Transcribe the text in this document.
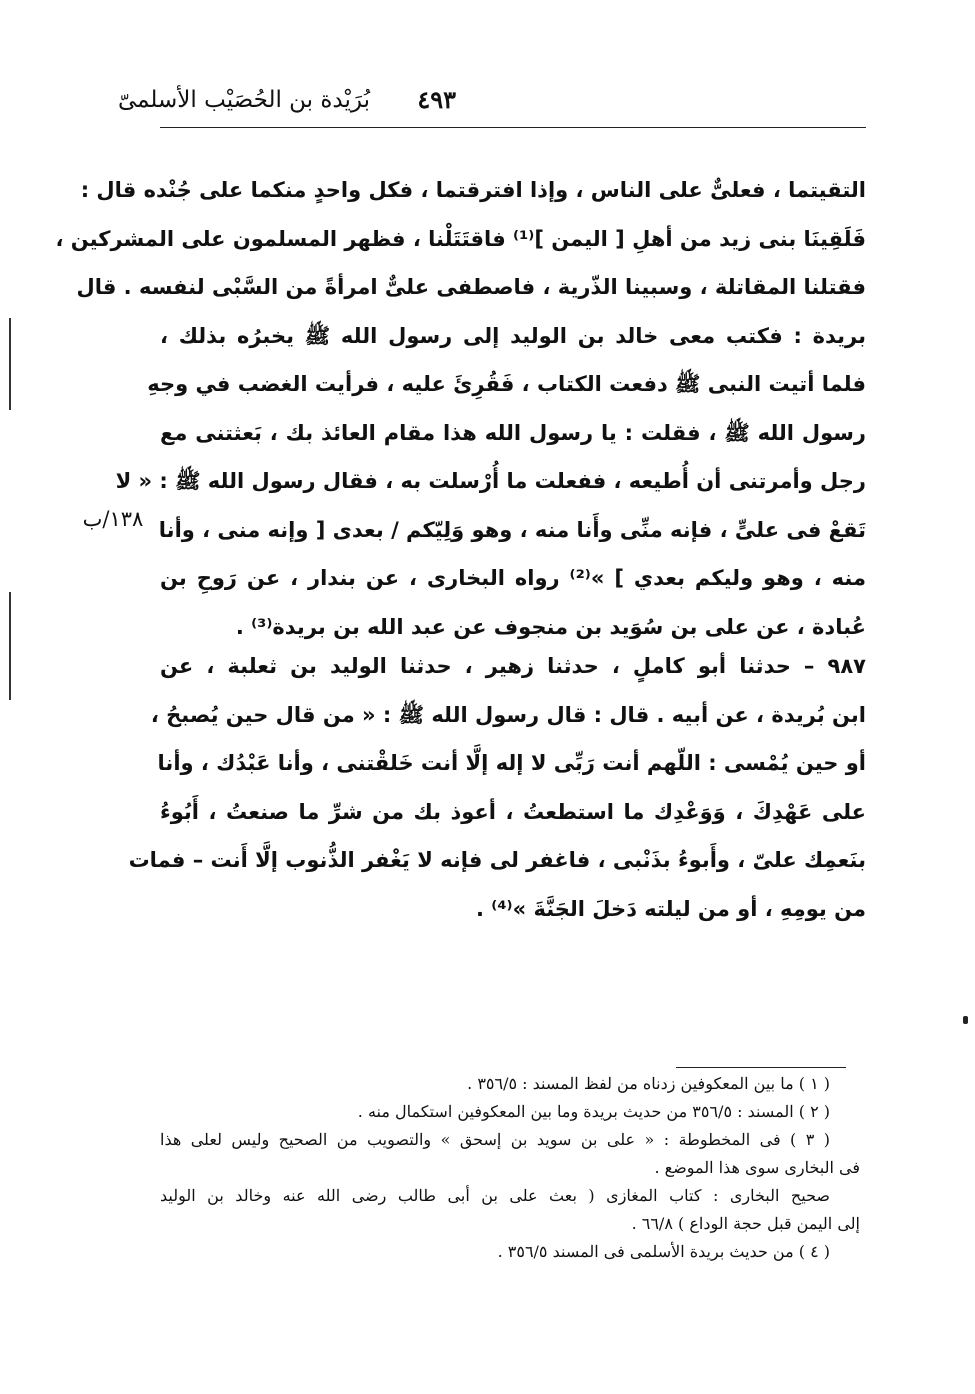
٤٩٣
بُرَيْدة بن الحُصَيْب الأسلمىّ
١٣٨/ب
التقيتما ، فعلىٌّ على الناس ، وإذا افترقتما ، فكل واحدٍ منكما على جُنْده قال :
فَلَقِينَا بنى زيد من أهلِ [ اليمن ]⁽¹⁾ فاقتَتَلْنا ، فظهر المسلمون على المشركين ،
فقتلنا المقاتلة ، وسبينا الذّرية ، فاصطفى علىٌّ امرأةً من السَّبْى لنفسه . قال
بريدة : فكتب معى خالد بن الوليد إلى رسول الله ﷺ يخبرُه بذلك ،
فلما أتيت النبى ﷺ دفعت الكتاب ، فَقُرِئَ عليه ، فرأيت الغضب في وجهِ
رسول الله ﷺ ، فقلت : يا رسول الله هذا مقام العائذ بك ، بَعثتنى مع
رجل وأمرتنى أن أُطيعه ، ففعلت ما أُرْسلت به ، فقال رسول الله ﷺ : « لا
تَقعْ فى علىٍّ ، فإنه منِّى وأَنا منه ، وهو وَلِيّكم / بعدى [ وإنه منى ، وأنا
منه ، وهو وليكم بعدي ] »⁽²⁾ رواه البخارى ، عن بندار ، عن رَوحِ بن
عُبادة ، عن على بن سُوَيد بن منجوف عن عبد الله بن بريدة⁽³⁾ .
٩٨٧ – حدثنا أبو كاملٍ ، حدثنا زهير ، حدثنا الوليد بن ثعلبة ، عن
ابن بُريدة ، عن أبيه . قال : قال رسول الله ﷺ : « من قال حين يُصبحُ ،
أو حين يُمْسى : اللّهم أنت رَبِّى لا إله إلَّا أنت خَلقْتنى ، وأنا عَبْدُك ، وأنا
على عَهْدِكَ ، وَوَعْدِك ما استطعتُ ، أعوذ بك من شرِّ ما صنعتُ ، أَبُوءُ
بنَعمِك علىّ ، وأَبوءُ بذَنْبى ، فاغفر لى فإنه لا يَغْفر الذُّنوب إلَّا أَنت – فمات
من يومِهِ ، أو من ليلته دَخلَ الجَنَّةَ »⁽⁴⁾ .
( ١ ) ما بين المعكوفين زدناه من لفظ المسند : ٣٥٦/٥ .
( ٢ ) المسند : ٣٥٦/٥ من حديث بريدة وما بين المعكوفين استكمال منه .
( ٣ ) فى المخطوطة : « على بن سويد بن إسحق » والتصويب من الصحيح وليس لعلى هذا
فى البخارى سوى هذا الموضع .
صحيح البخارى : كتاب المغازى ( بعث على بن أبى طالب رضى الله عنه وخالد بن الوليد
إلى اليمن قبل حجة الوداع ) ٦٦/٨ .
( ٤ ) من حديث بريدة الأسلمى فى المسند ٣٥٦/٥ .
